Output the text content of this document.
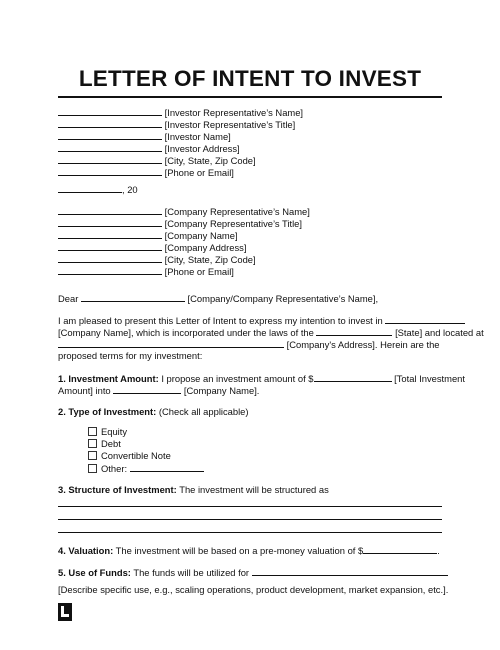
LETTER OF INTENT TO INVEST
[Investor Representative’s Name]
[Investor Representative’s Title]
[Investor Name]
[Investor Address]
[City, State, Zip Code]
[Phone or Email]
, 20
[Company Representative’s Name]
[Company Representative’s Title]
[Company Name]
[Company Address]
[City, State, Zip Code]
[Phone or Email]
Dear	[Company/Company Representative’s Name],
I am pleased to present this Letter of Intent to express my intention to invest in
[Company Name], which is incorporated under the laws of the	[State] and located at
[Company's Address]. Herein are the
proposed terms for my investment:
1. Investment Amount: I propose an investment amount of $	[Total Investment
Amount] into	[Company Name].
2. Type of Investment: (Check all applicable)
Equity
Debt
Convertible Note
Other:
3. Structure of Investment: The investment will be structured as
4. Valuation: The investment will be based on a pre-money valuation of $	.
5. Use of Funds: The funds will be utilized for
[Describe specific use, e.g., scaling operations, product development, market expansion, etc.].
